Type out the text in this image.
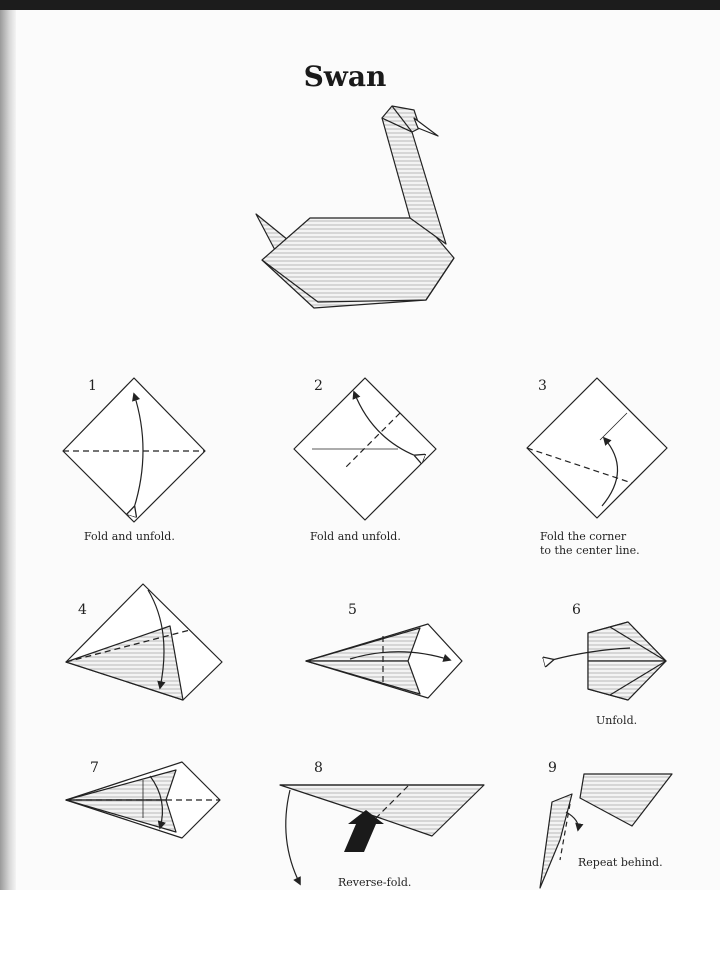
Swan
1	2	3
4	5	6
7	8	9
Fold and unfold.	Fold and unfold.	Fold the corner
to the center line.
Unfold.
Reverse-fold.
Repeat behind.
